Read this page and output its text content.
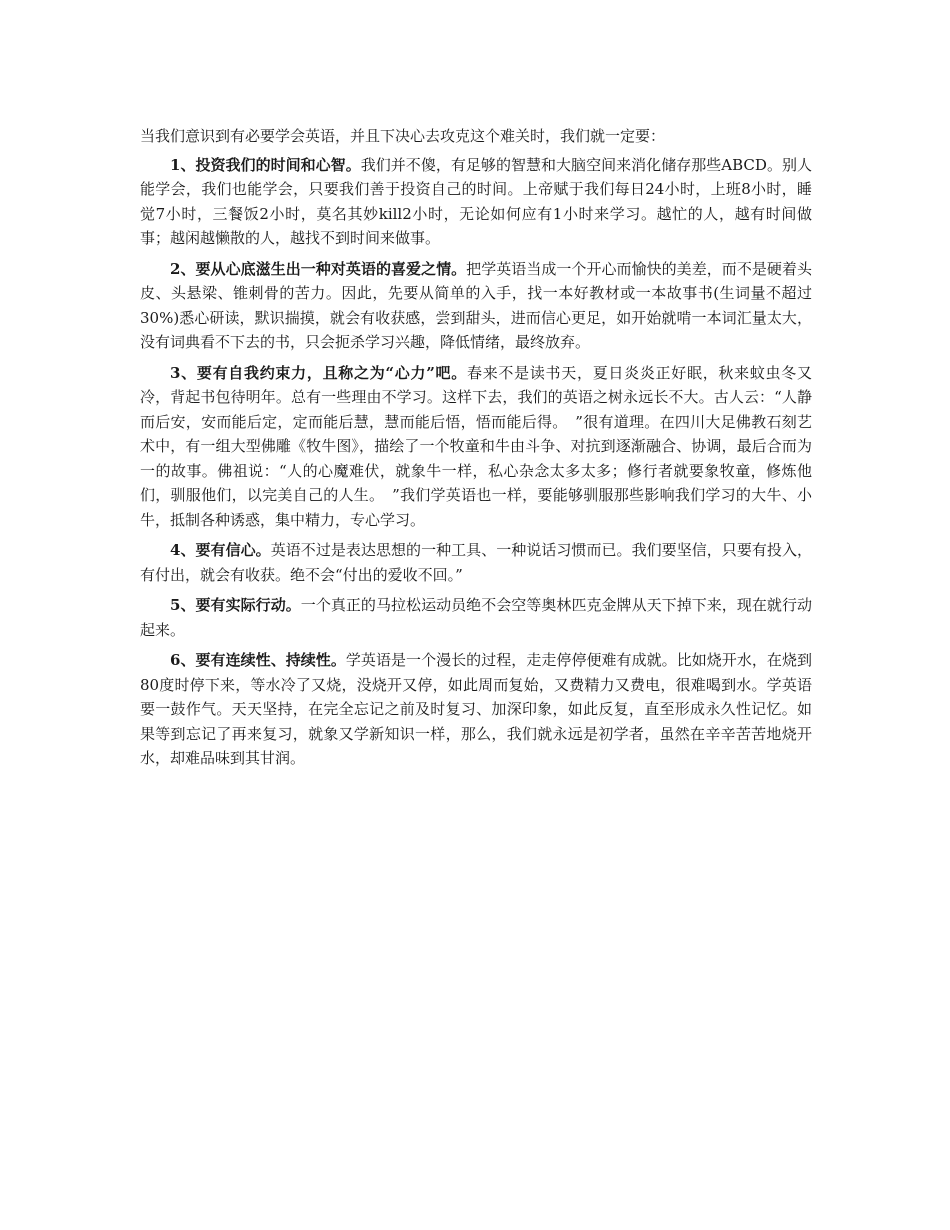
当我们意识到有必要学会英语，并且下决心去攻克这个难关时，我们就一定要：

1、投资我们的时间和心智。我们并不傻，有足够的智慧和大脑空间来消化储存那些ABCD。别人能学会，我们也能学会，只要我们善于投资自己的时间。上帝赋于我们每日24小时，上班8小时，睡觉7小时，三餐饭2小时，莫名其妙kill2小时，无论如何应有1小时来学习。越忙的人，越有时间做事；越闲越懒散的人，越找不到时间来做事。

2、要从心底滋生出一种对英语的喜爱之情。把学英语当成一个开心而愉快的美差，而不是硬着头皮、头悬梁、锥刺骨的苦力。因此，先要从简单的入手，找一本好教材或一本故事书(生词量不超过30%)悉心研读，默识揣摸，就会有收获感，尝到甜头，进而信心更足，如开始就啃一本词汇量太大，没有词典看不下去的书，只会扼杀学习兴趣，降低情绪，最终放弃。

3、要有自我约束力，且称之为“心力”吧。春来不是读书天，夏日炎炎正好眠，秋来蚊虫冬又冷，背起书包待明年。总有一些理由不学习。这样下去，我们的英语之树永远长不大。古人云：“人静而后安，安而能后定，定而能后慧，慧而能后悟，悟而能后得。　”很有道理。在四川大足佛教石刻艺术中，有一组大型佛雕《牧牛图》，描绘了一个牧童和牛由斗争、对抗到逐渐融合、协调，最后合而为一的故事。佛祖说：“人的心魔难伏，就象牛一样，私心杂念太多太多；修行者就要象牧童，修炼他们，驯服他们，以完美自己的人生。　”我们学英语也一样，要能够驯服那些影响我们学习的大牛、小牛，抵制各种诱惑，集中精力，专心学习。

4、要有信心。英语不过是表达思想的一种工具、一种说话习惯而已。我们要坚信，只要有投入，有付出，就会有收获。绝不会“付出的爱收不回。”

5、要有实际行动。一个真正的马拉松运动员绝不会空等奥林匹克金牌从天下掉下来，现在就行动起来。

6、要有连续性、持续性。学英语是一个漫长的过程，走走停停便难有成就。比如烧开水，在烧到80度时停下来，等水冷了又烧，没烧开又停，如此周而复始，又费精力又费电，很难喝到水。学英语要一鼓作气。天天坚持，在完全忘记之前及时复习、加深印象，如此反复，直至形成永久性记忆。如果等到忘记了再来复习，就象又学新知识一样，那么，我们就永远是初学者，虽然在辛辛苦苦地烧开水，却难品味到其甘润。
